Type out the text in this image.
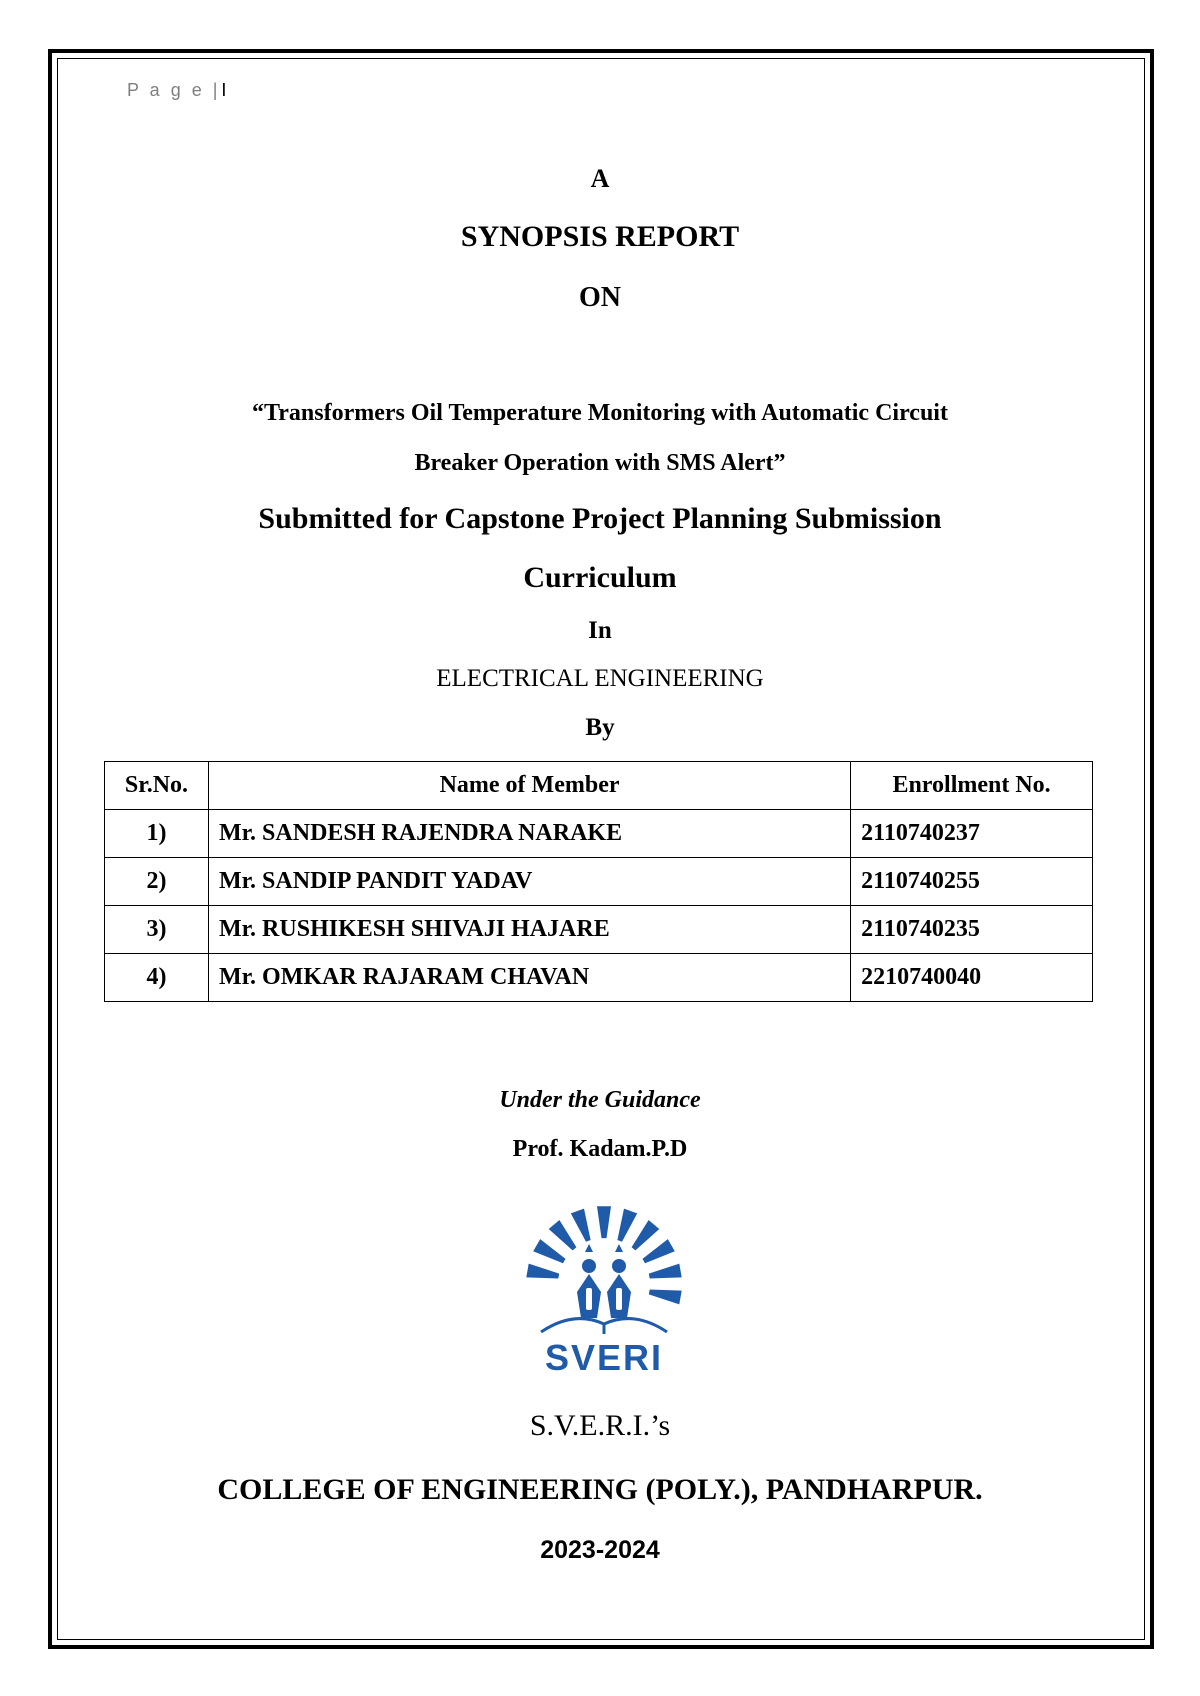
P a g e | I
A
SYNOPSIS REPORT
ON
“Transformers Oil Temperature Monitoring with Automatic Circuit
Breaker Operation with SMS Alert”
Submitted for Capstone Project Planning Submission
Curriculum
In
ELECTRICAL ENGINEERING
By
Sr.No.	Name of Member	Enrollment No.
1)	Mr. SANDESH RAJENDRA NARAKE	2110740237
2)	Mr. SANDIP PANDIT YADAV	2110740255
3)	Mr. RUSHIKESH SHIVAJI HAJARE	2110740235
4)	Mr. OMKAR RAJARAM CHAVAN	2210740040
Under the Guidance
Prof. Kadam.P.D
SVERI
S.V.E.R.I.’s
COLLEGE OF ENGINEERING (POLY.), PANDHARPUR.
2023-2024
